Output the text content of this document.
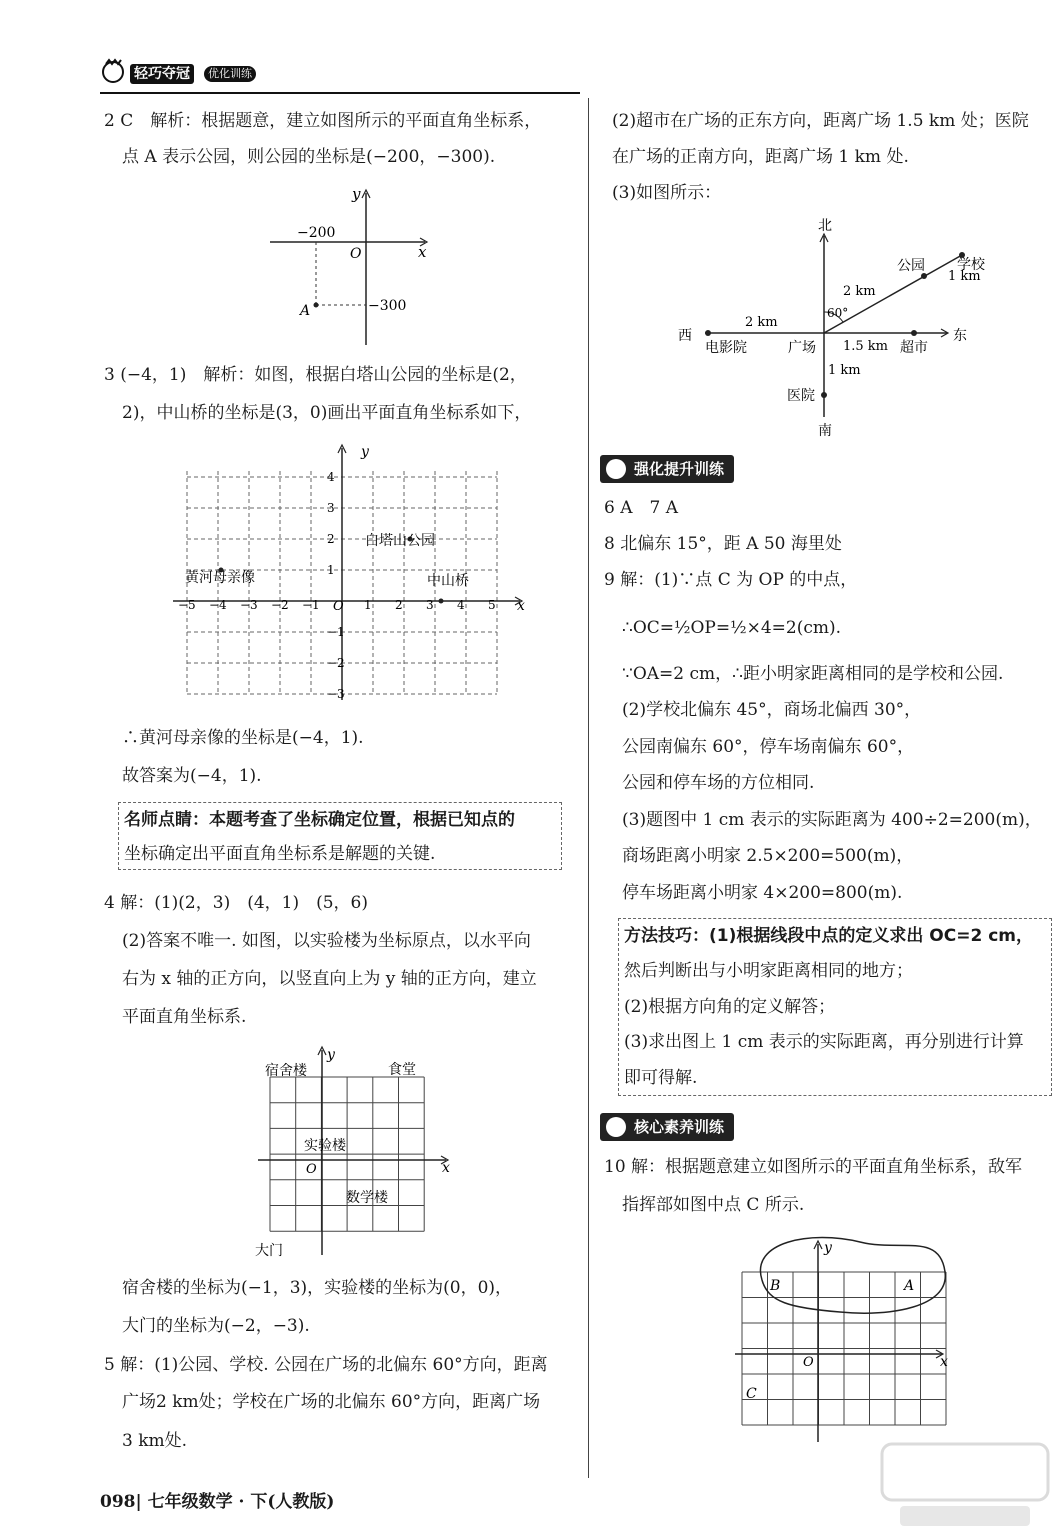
轻巧夺冠	优化训练
2 C　解析：根据题意，建立如图所示的平面直角坐标系，
点 A 表示公园，则公园的坐标是(−200，−300).
x
y
O
A
−200
−300
3 (−4，1)　解析：如图，根据白塔山公园的坐标是(2，
2)，中山桥的坐标是(3，0)画出平面直角坐标系如下，
−5 −4 −3 −2 −1	1 2 3 4 5
4
3
2
1
−1
−2
−3
x
y
O
白塔山公园
黄河母亲像	中山桥
∴黄河母亲像的坐标是(−4，1).
故答案为(−4，1).
名师点睛：本题考查了坐标确定位置，根据已知点的
坐标确定出平面直角坐标系是解题的关键.
4 解：(1)(2，3)　(4，1)　(5，6)
(2)答案不唯一. 如图，以实验楼为坐标原点，以水平向
右为 x 轴的正方向，以竖直向上为 y 轴的正方向，建立
平面直角坐标系.
x
y
O
宿舍楼	食堂
实验楼
数学楼
大门
宿舍楼的坐标为(−1，3)，实验楼的坐标为(0，0)，
大门的坐标为(−2，−3).
5 解：(1)公园、学校. 公园在广场的北偏东 60°方向，距离
广场2 km处；学校在广场的北偏东 60°方向，距离广场
3 km处.
(2)超市在广场的正东方向，距离广场 1.5 km 处；医院
在广场的正南方向，距离广场 1 km 处.
(3)如图所示：
北
南
东
西
学校
公园
电影院	广场	超市
医院
60°
2 km
1 km
2 km
1.5 km
1 km
强化提升训练
6 A　7 A
8 北偏东 15°，距 A 50 海里处
9 解：(1)∵点 C 为 OP 的中点，
∴OC=½OP=½×4=2(cm).
∵OA=2 cm，∴距小明家距离相同的是学校和公园.
(2)学校北偏东 45°，商场北偏西 30°，
公园南偏东 60°，停车场南偏东 60°，
公园和停车场的方位相同.
(3)题图中 1 cm 表示的实际距离为 400÷2=200(m)，
商场距离小明家 2.5×200=500(m)，
停车场距离小明家 4×200=800(m).
方法技巧：(1)根据线段中点的定义求出 OC=2 cm，
然后判断出与小明家距离相同的地方；
(2)根据方向角的定义解答；
(3)求出图上 1 cm 表示的实际距离，再分别进行计算
即可得解.
核心素养训练
10 解：根据题意建立如图所示的平面直角坐标系，敌军
指挥部如图中点 C 所示.
x
y
O
A
B
C
098| 七年级数学 · 下(人教版)
